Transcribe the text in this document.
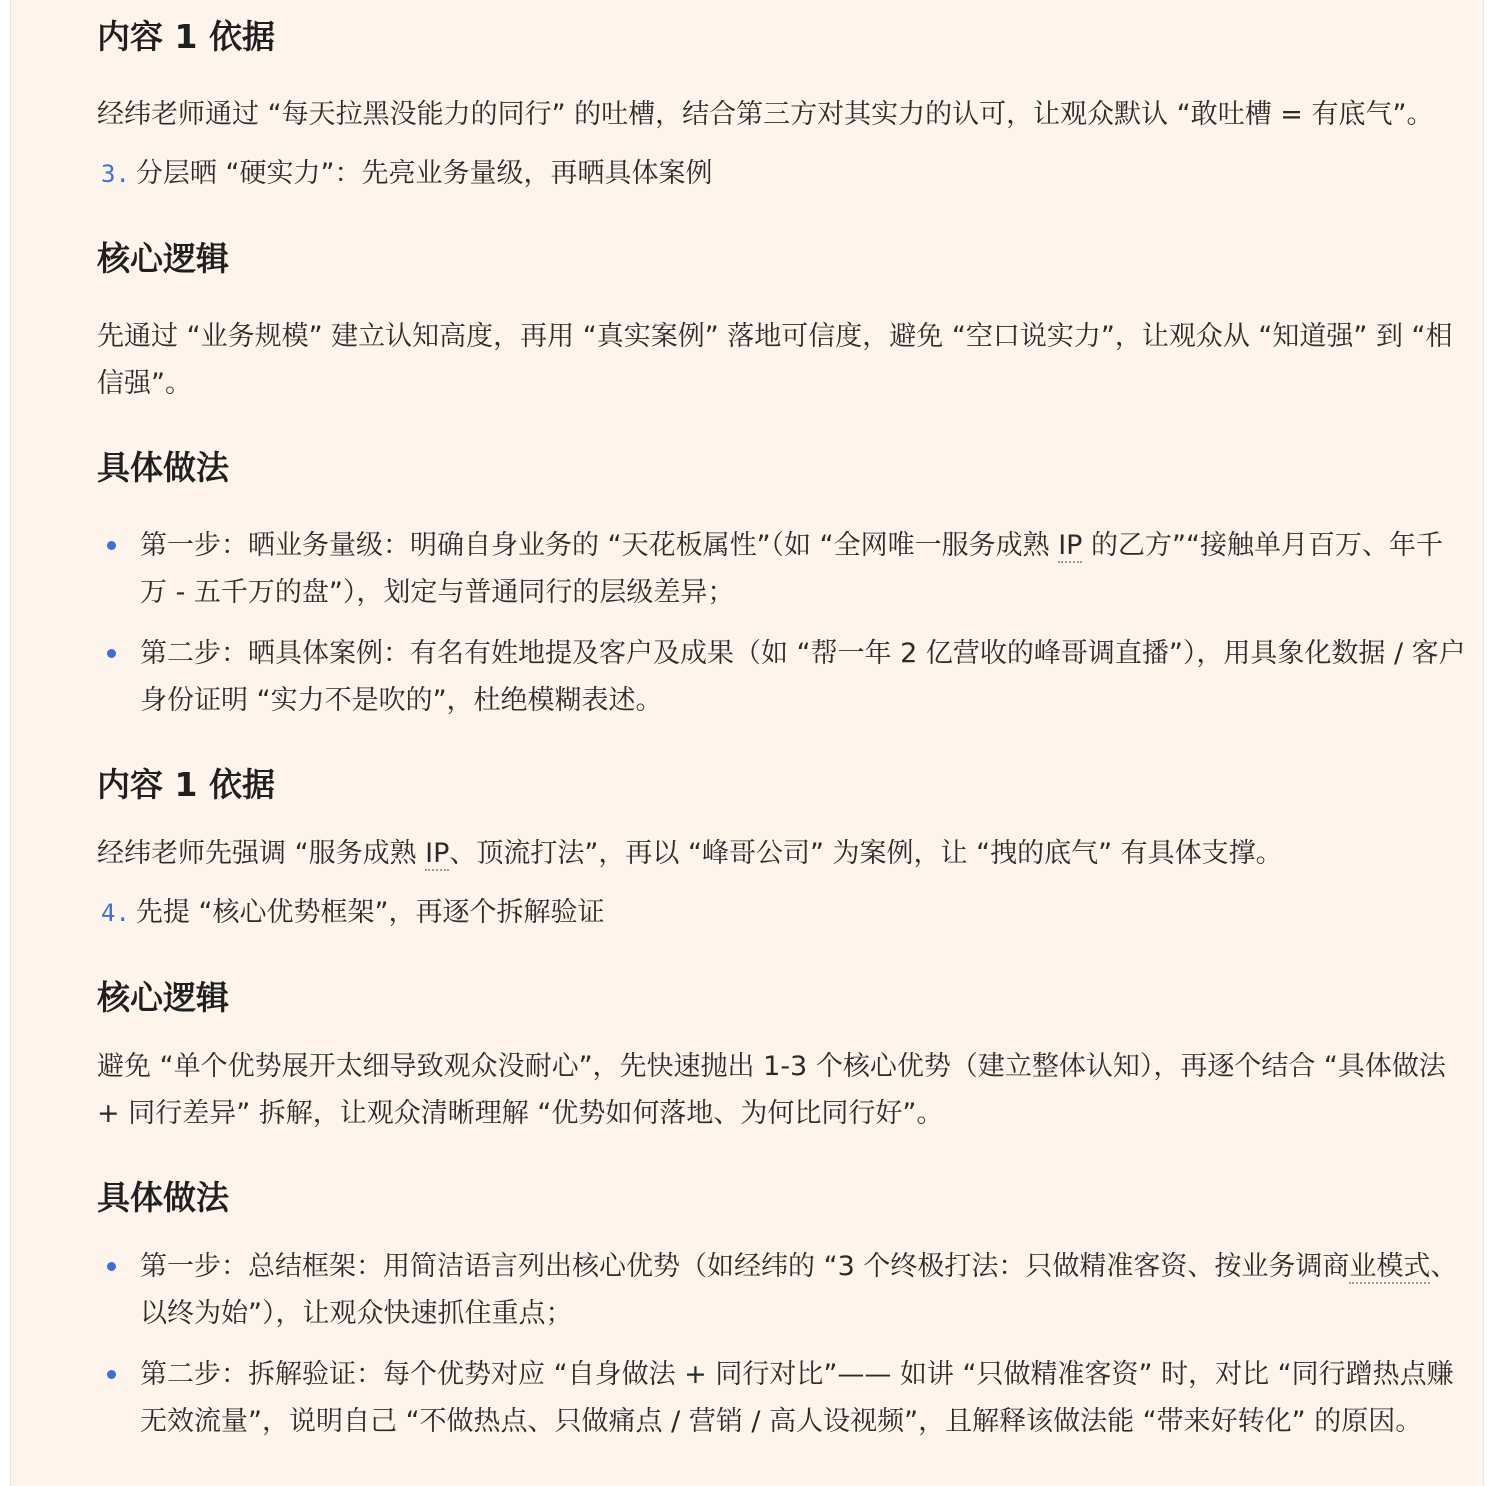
内容 1 依据

经纬老师通过 “每天拉黑没能力的同行” 的吐槽，结合第三方对其实力的认可，让观众默认 “敢吐槽 = 有底气”。

3. 分层晒 “硬实力”：先亮业务量级，再晒具体案例
核心逻辑

先通过 “业务规模” 建立认知高度，再用 “真实案例” 落地可信度，避免 “空口说实力”，让观众从 “知道强” 到 “相信强”。

具体做法
第一步：晒业务量级：明确自身业务的 “天花板属性”（如 “全网唯一服务成熟 IP 的乙方”“接触单月百万、年千万 - 五千万的盘”），划定与普通同行的层级差异；
第二步：晒具体案例：有名有姓地提及客户及成果（如 “帮一年 2 亿营收的峰哥调直播”），用具象化数据 / 客户身份证明 “实力不是吹的”，杜绝模糊表述。
内容 1 依据

经纬老师先强调 “服务成熟 IP、顶流打法”，再以 “峰哥公司” 为案例，让 “拽的底气” 有具体支撑。

4. 先提 “核心优势框架”，再逐个拆解验证
核心逻辑

避免 “单个优势展开太细导致观众没耐心”，先快速抛出 1-3 个核心优势（建立整体认知），再逐个结合 “具体做法 + 同行差异” 拆解，让观众清晰理解 “优势如何落地、为何比同行好”。

具体做法
第一步：总结框架：用简洁语言列出核心优势（如经纬的 “3 个终极打法：只做精准客资、按业务调商业模式、以终为始”），让观众快速抓住重点；
第二步：拆解验证：每个优势对应 “自身做法 + 同行对比”—— 如讲 “只做精准客资” 时，对比 “同行蹭热点赚无效流量”，说明自己 “不做热点、只做痛点 / 营销 / 高人设视频”，且解释该做法能 “带来好转化” 的原因。
